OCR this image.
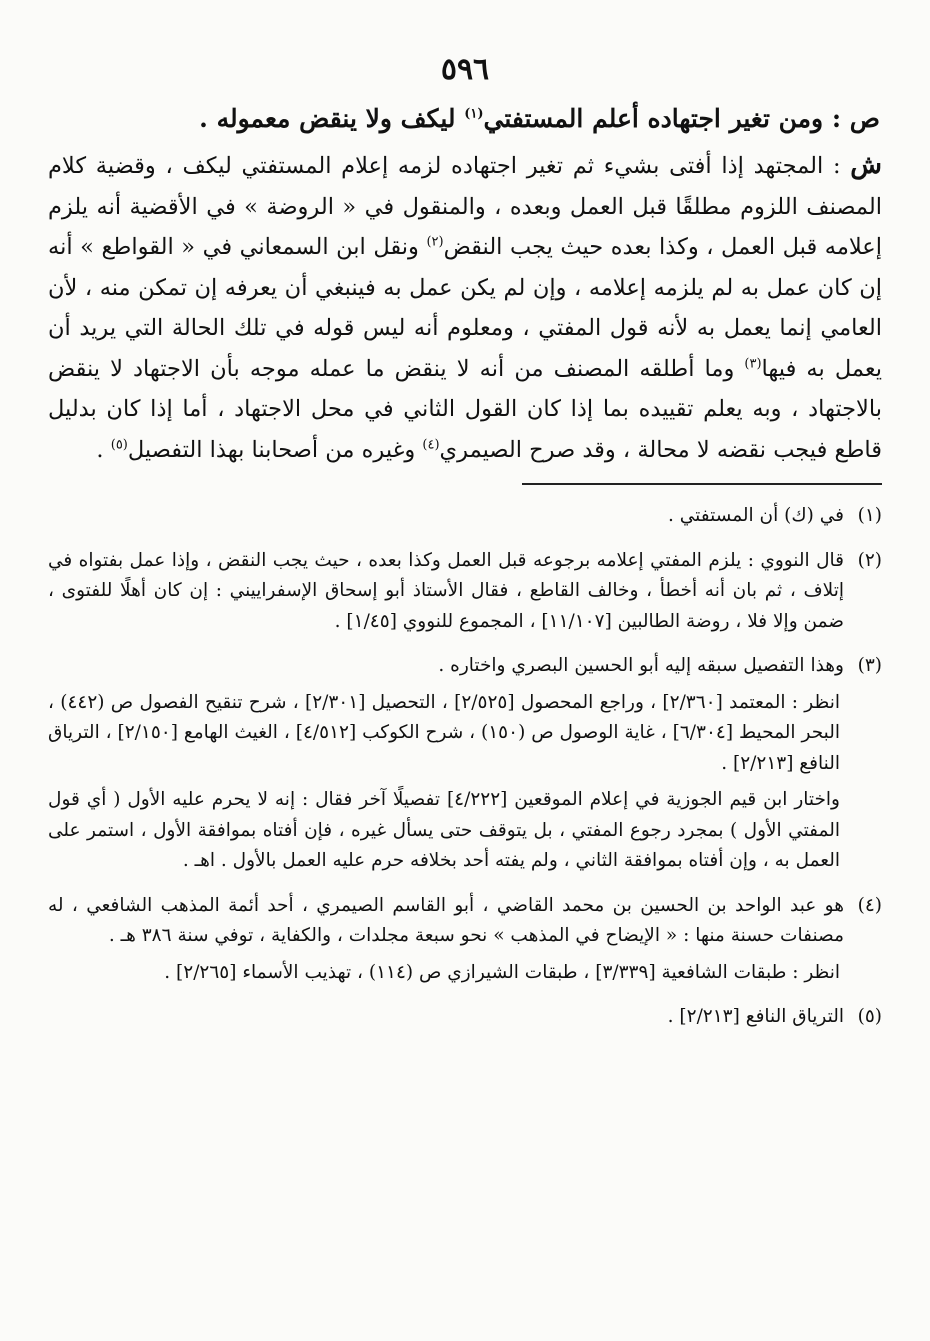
٥٩٦

ص : ومن تغير اجتهاده أعلم المستفتي$^{(١)}$ ليكف ولا ينقض معموله .

ش : المجتهد إذا أفتى بشيء ثم تغير اجتهاده لزمه إعلام المستفتي ليكف ، وقضية كلام المصنف اللزوم مطلقًا قبل العمل وبعده ، والمنقول في « الروضة » في الأقضية أنه يلزم إعلامه قبل العمل ، وكذا بعده حيث يجب النقض$^{(٢)}$ ونقل ابن السمعاني في « القواطع » أنه إن كان عمل به لم يلزمه إعلامه ، وإن لم يكن عمل به فينبغي أن يعرفه إن تمكن منه ، لأن العامي إنما يعمل به لأنه قول المفتي ، ومعلوم أنه ليس قوله في تلك الحالة التي يريد أن يعمل به فيها$^{(٣)}$ وما أطلقه المصنف من أنه لا ينقض ما عمله موجه بأن الاجتهاد لا ينقض بالاجتهاد ، وبه يعلم تقييده بما إذا كان القول الثاني في محل الاجتهاد ، أما إذا كان بدليل قاطع فيجب نقضه لا محالة ، وقد صرح الصيمري$^{(٤)}$ وغيره من أصحابنا بهذا التفصيل$^{(٥)}$ .

(١)

في (ك) أن المستفتي .

(٢)

قال النووي : يلزم المفتي إعلامه برجوعه قبل العمل وكذا بعده ، حيث يجب النقض ، وإذا عمل بفتواه في إتلاف ، ثم بان أنه أخطأ ، وخالف القاطع ، فقال الأستاذ أبو إسحاق الإسفراييني : إن كان أهلًا للفتوى ، ضمن وإلا فلا ، روضة الطالبين [١١/١٠٧] ، المجموع للنووي [١/٤٥] .

(٣)

وهذا التفصيل سبقه إليه أبو الحسين البصري واختاره .

انظر : المعتمد [٢/٣٦٠] ، وراجع المحصول [٢/٥٢٥] ، التحصيل [٢/٣٠١] ، شرح تنقيح الفصول ص (٤٤٢) ، البحر المحيط [٦/٣٠٤] ، غاية الوصول ص (١٥٠) ، شرح الكوكب [٤/٥١٢] ، الغيث الهامع [٢/١٥٠] ، الترياق النافع [٢/٢١٣] .

واختار ابن قيم الجوزية في إعلام الموقعين [٤/٢٢٢] تفصيلًا آخر فقال : إنه لا يحرم عليه الأول ( أي قول المفتي الأول ) بمجرد رجوع المفتي ، بل يتوقف حتى يسأل غيره ، فإن أفتاه بموافقة الأول ، استمر على العمل به ، وإن أفتاه بموافقة الثاني ، ولم يفته أحد بخلافه حرم عليه العمل بالأول . اهـ .

(٤)

هو عبد الواحد بن الحسين بن محمد القاضي ، أبو القاسم الصيمري ، أحد أئمة المذهب الشافعي ، له مصنفات حسنة منها : « الإيضاح في المذهب » نحو سبعة مجلدات ، والكفاية ، توفي سنة ٣٨٦ هـ .

انظر : طبقات الشافعية [٣/٣٣٩] ، طبقات الشيرازي ص (١١٤) ، تهذيب الأسماء [٢/٢٦٥] .

(٥)

الترياق النافع [٢/٢١٣] .
